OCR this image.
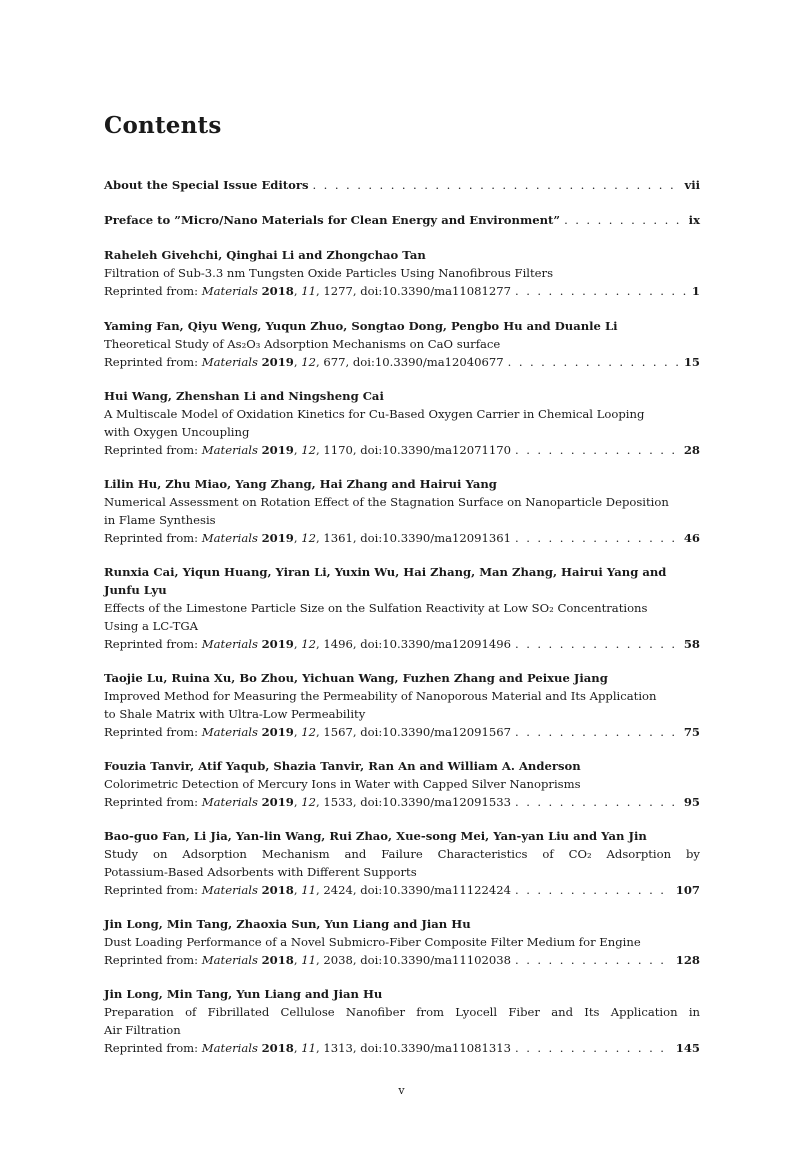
Contents
About the Special Issue Editors . . .	vii
Preface to ”Micro/Nano Materials for Clean Energy and Environment” . . .	ix
Raheleh Givehchi, Qinghai Li and Zhongchao Tan
Filtration of Sub-3.3 nm Tungsten Oxide Particles Using Nanofibrous Filters
Reprinted from: Materials 2018, 11, 1277, doi:10.3390/ma11081277 . . .	1
Yaming Fan, Qiyu Weng, Yuqun Zhuo, Songtao Dong, Pengbo Hu and Duanle Li
Theoretical Study of As₂O₃ Adsorption Mechanisms on CaO surface
Reprinted from: Materials 2019, 12, 677, doi:10.3390/ma12040677 . . .	15
Hui Wang, Zhenshan Li and Ningsheng Cai
A Multiscale Model of Oxidation Kinetics for Cu-Based Oxygen Carrier in Chemical Looping
with Oxygen Uncoupling
Reprinted from: Materials 2019, 12, 1170, doi:10.3390/ma12071170 . . .	28
Lilin Hu, Zhu Miao, Yang Zhang, Hai Zhang and Hairui Yang
Numerical Assessment on Rotation Effect of the Stagnation Surface on Nanoparticle Deposition
in Flame Synthesis
Reprinted from: Materials 2019, 12, 1361, doi:10.3390/ma12091361 . . .	46
Runxia Cai, Yiqun Huang, Yiran Li, Yuxin Wu, Hai Zhang, Man Zhang, Hairui Yang and
Junfu Lyu
Effects of the Limestone Particle Size on the Sulfation Reactivity at Low SO₂ Concentrations
Using a LC-TGA
Reprinted from: Materials 2019, 12, 1496, doi:10.3390/ma12091496 . . .	58
Taojie Lu, Ruina Xu, Bo Zhou, Yichuan Wang, Fuzhen Zhang and Peixue Jiang
Improved Method for Measuring the Permeability of Nanoporous Material and Its Application
to Shale Matrix with Ultra-Low Permeability
Reprinted from: Materials 2019, 12, 1567, doi:10.3390/ma12091567 . . .	75
Fouzia Tanvir, Atif Yaqub, Shazia Tanvir, Ran An and William A. Anderson
Colorimetric Detection of Mercury Ions in Water with Capped Silver Nanoprisms
Reprinted from: Materials 2019, 12, 1533, doi:10.3390/ma12091533 . . .	95
Bao-guo Fan, Li Jia, Yan-lin Wang, Rui Zhao, Xue-song Mei, Yan-yan Liu and Yan Jin
Study on Adsorption Mechanism and Failure Characteristics of CO₂ Adsorption by
Potassium-Based Adsorbents with Different Supports
Reprinted from: Materials 2018, 11, 2424, doi:10.3390/ma11122424 . . .	107
Jin Long, Min Tang, Zhaoxia Sun, Yun Liang and Jian Hu
Dust Loading Performance of a Novel Submicro-Fiber Composite Filter Medium for Engine
Reprinted from: Materials 2018, 11, 2038, doi:10.3390/ma11102038 . . .	128
Jin Long, Min Tang, Yun Liang and Jian Hu
Preparation of Fibrillated Cellulose Nanofiber from Lyocell Fiber and Its Application in
Air Filtration
Reprinted from: Materials 2018, 11, 1313, doi:10.3390/ma11081313 . . .	145
v
